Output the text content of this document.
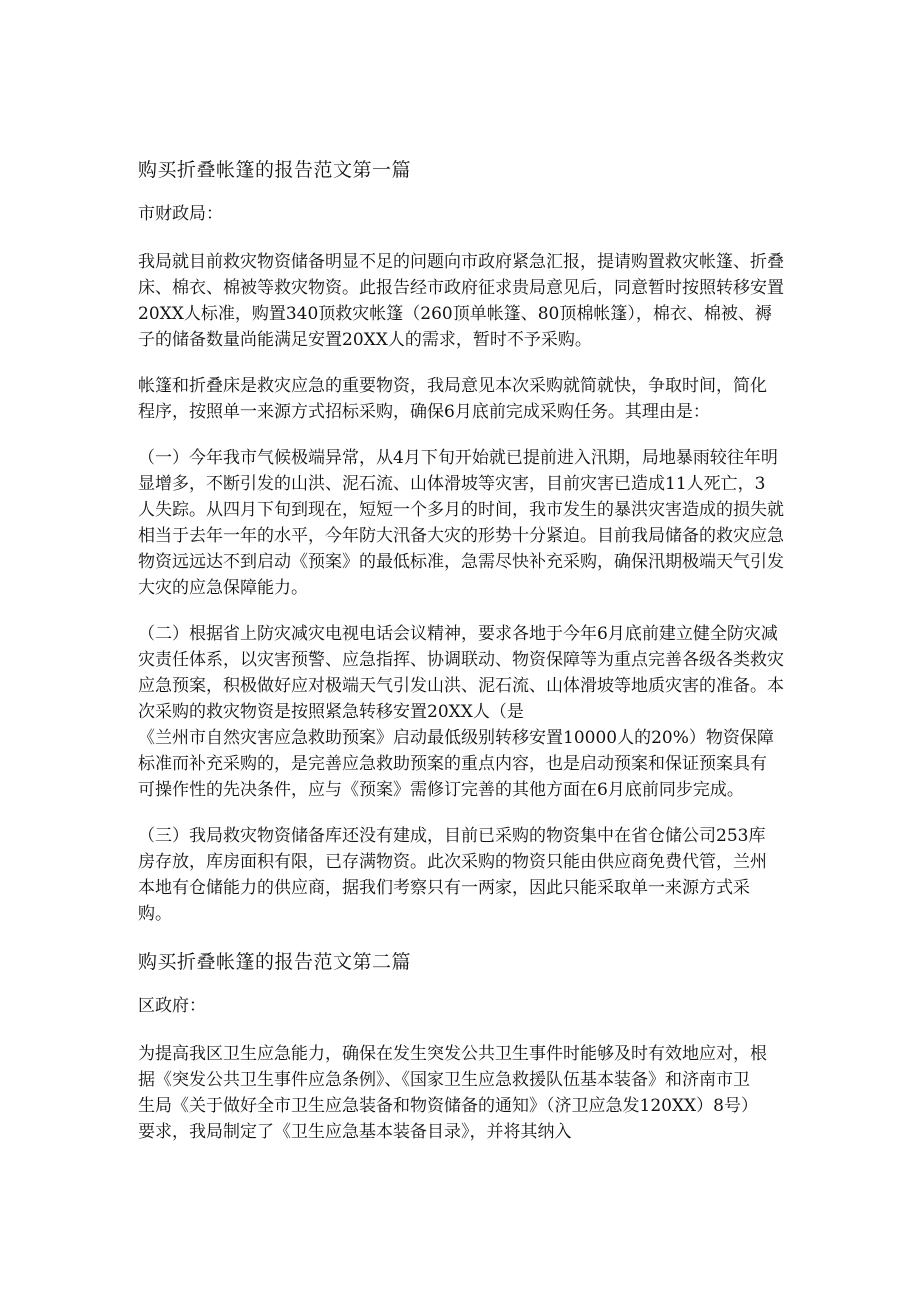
购买折叠帐篷的报告范文第一篇
市财政局：
我局就目前救灾物资储备明显不足的问题向市政府紧急汇报，提请购置救灾帐篷、折叠
床、棉衣、棉被等救灾物资。此报告经市政府征求贵局意见后，同意暂时按照转移安置
20XX人标准，购置340顶救灾帐篷（260顶单帐篷、80顶棉帐篷），棉衣、棉被、褥
子的储备数量尚能满足安置20XX人的需求，暂时不予采购。
帐篷和折叠床是救灾应急的重要物资，我局意见本次采购就简就快，争取时间，简化
程序，按照单一来源方式招标采购，确保6月底前完成采购任务。其理由是：
（一）今年我市气候极端异常，从4月下旬开始就已提前进入汛期，局地暴雨较往年明
显增多，不断引发的山洪、泥石流、山体滑坡等灾害，目前灾害已造成11人死亡，3
人失踪。从四月下旬到现在，短短一个多月的时间，我市发生的暴洪灾害造成的损失就
相当于去年一年的水平，今年防大汛备大灾的形势十分紧迫。目前我局储备的救灾应急
物资远远达不到启动《预案》的最低标准，急需尽快补充采购，确保汛期极端天气引发
大灾的应急保障能力。
（二）根据省上防灾减灾电视电话会议精神，要求各地于今年6月底前建立健全防灾减
灾责任体系，以灾害预警、应急指挥、协调联动、物资保障等为重点完善各级各类救灾
应急预案，积极做好应对极端天气引发山洪、泥石流、山体滑坡等地质灾害的准备。本
次采购的救灾物资是按照紧急转移安置20XX人（是
《兰州市自然灾害应急救助预案》启动最低级别转移安置10000人的20%）物资保障
标准而补充采购的，是完善应急救助预案的重点内容，也是启动预案和保证预案具有
可操作性的先决条件，应与《预案》需修订完善的其他方面在6月底前同步完成。
（三）我局救灾物资储备库还没有建成，目前已采购的物资集中在省仓储公司253库
房存放，库房面积有限，已存满物资。此次采购的物资只能由供应商免费代管，兰州
本地有仓储能力的供应商，据我们考察只有一两家，因此只能采取单一来源方式采
购。
购买折叠帐篷的报告范文第二篇
区政府：
为提高我区卫生应急能力，确保在发生突发公共卫生事件时能够及时有效地应对，根
据《突发公共卫生事件应急条例》、《国家卫生应急救援队伍基本装备》和济南市卫
生局《关于做好全市卫生应急装备和物资储备的通知》（济卫应急发120XX）8号）
要求，我局制定了《卫生应急基本装备目录》，并将其纳入
